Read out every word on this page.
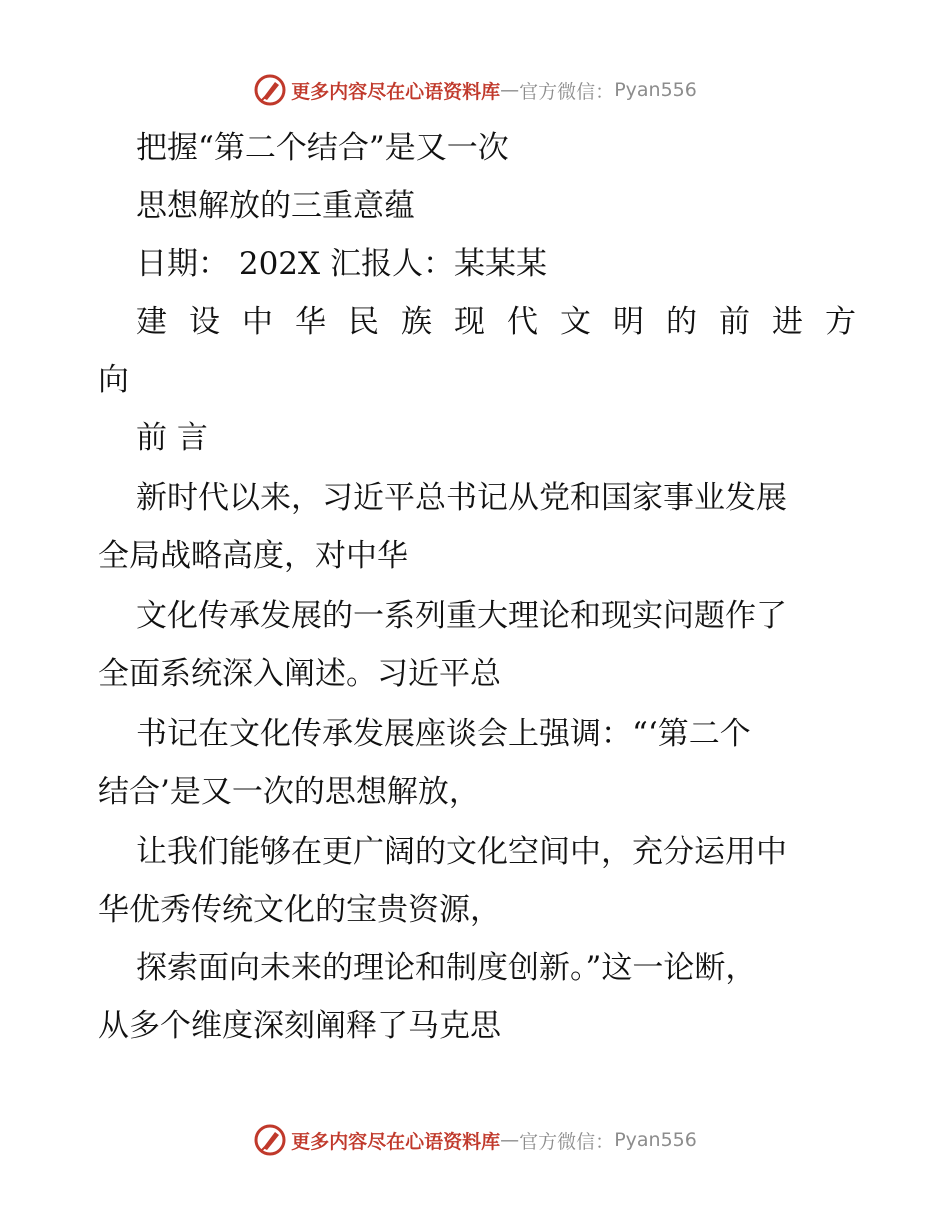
更多内容尽在心语资料库 — 官方微信： Pyan556

把握“第二个结合”是又一次

思想解放的三重意蕴

日期： 202X 汇报人：某某某

建设中华民族现代文明的前进方

向

前 言

新时代以来，习近平总书记从党和国家事业发展

全局战略高度，对中华

文化传承发展的一系列重大理论和现实问题作了

全面系统深入阐述。习近平总

书记在文化传承发展座谈会上强调：“‘第二个

结合’是又一次的思想解放，

让我们能够在更广阔的文化空间中，充分运用中

华优秀传统文化的宝贵资源，

探索面向未来的理论和制度创新。”这一论断，

从多个维度深刻阐释了马克思

更多内容尽在心语资料库 — 官方微信： Pyan556
